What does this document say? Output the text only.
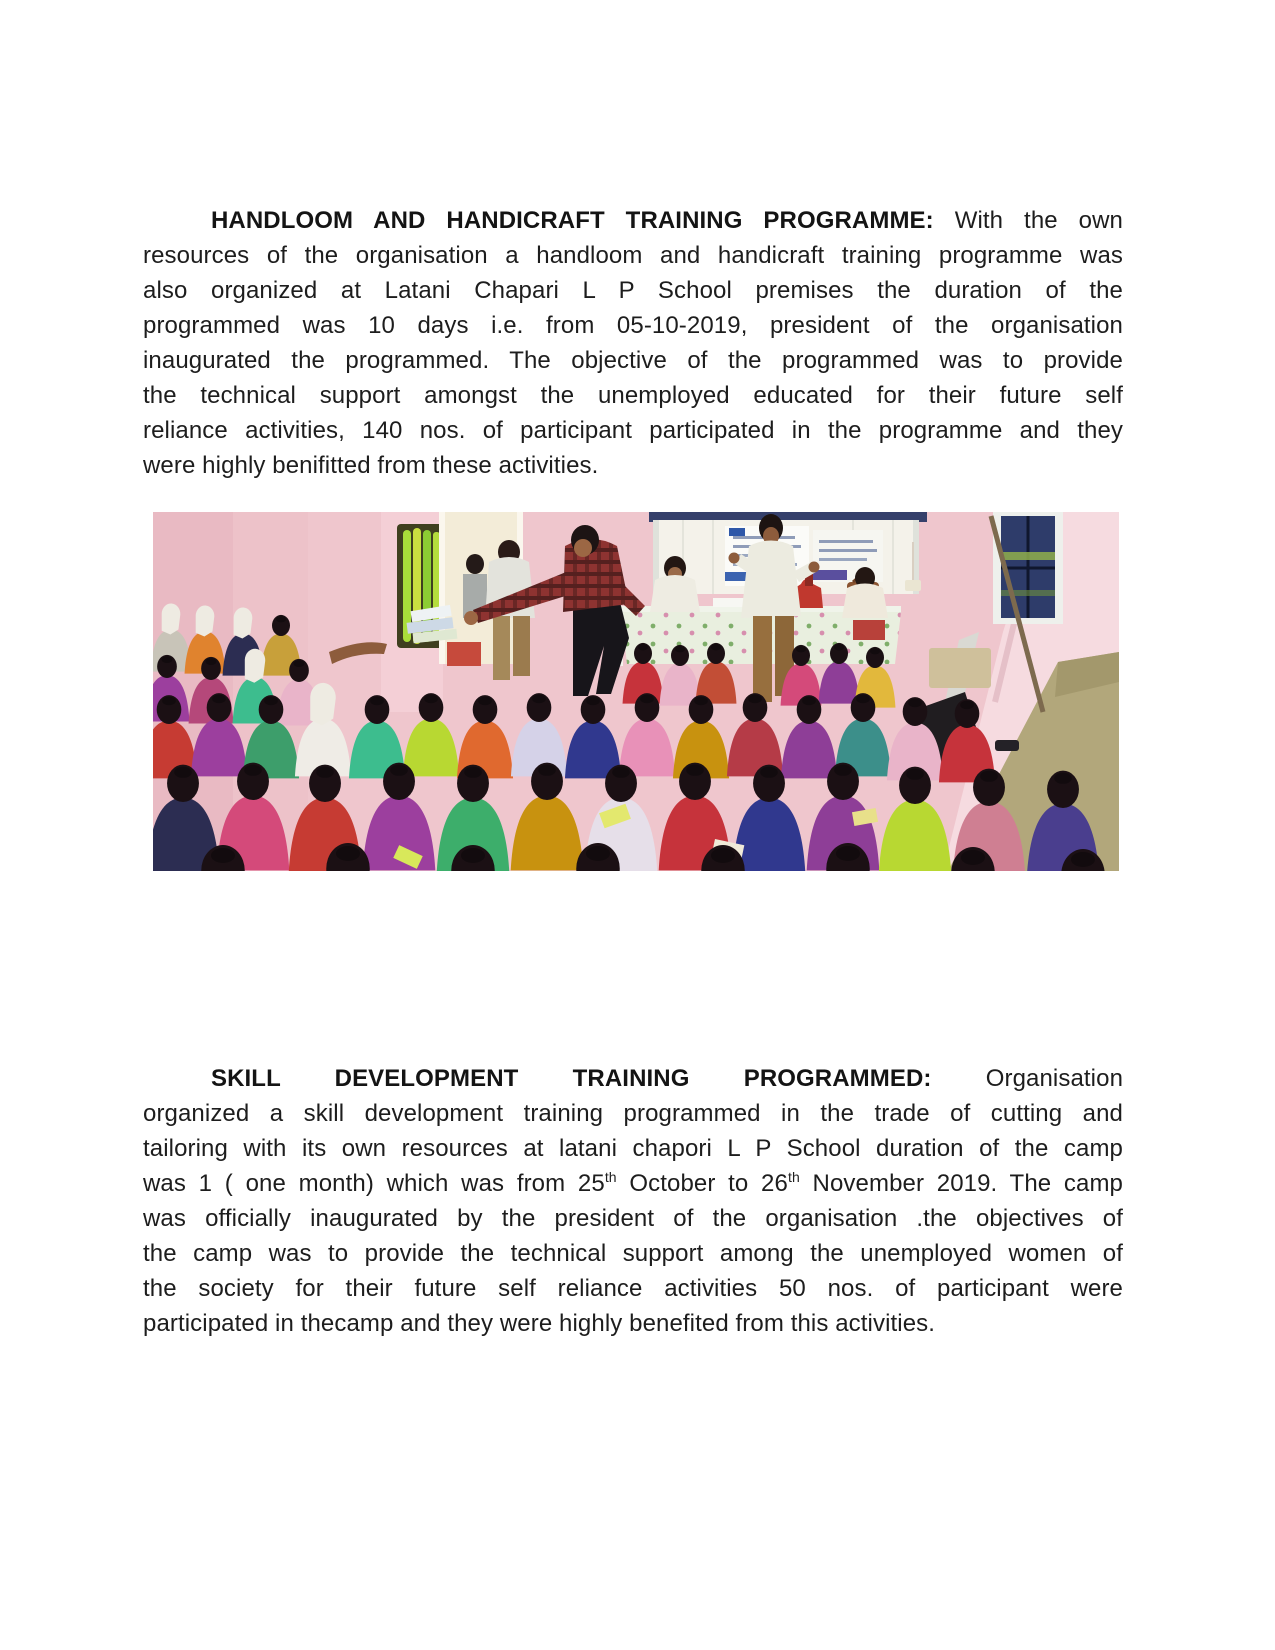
HANDLOOM AND HANDICRAFT TRAINING PROGRAMME: With the own
resources of the organisation a handloom and handicraft training programme was
also organized at Latani Chapari L P School premises the duration of the
programmed was 10 days i.e. from 05-10-2019, president of the organisation
inaugurated the programmed. The objective of the programmed was to provide
the technical support amongst the unemployed educated for their future self
reliance activities, 140 nos. of participant participated in the programme and they
were highly benifitted from these activities.
SKILL DEVELOPMENT TRAINING PROGRAMMED: Organisation
organized a skill development training programmed in the trade of cutting and
tailoring with its own resources at latani chapori L P School duration of the camp
was 1 ( one month) which was from 25th October to 26th November 2019. The camp
was officially inaugurated by the president of the organisation .the objectives of
the camp was to provide the technical support among the unemployed women of
the society for their future self reliance activities 50 nos. of participant were
participated in thecamp and they were highly benefited from this activities.
